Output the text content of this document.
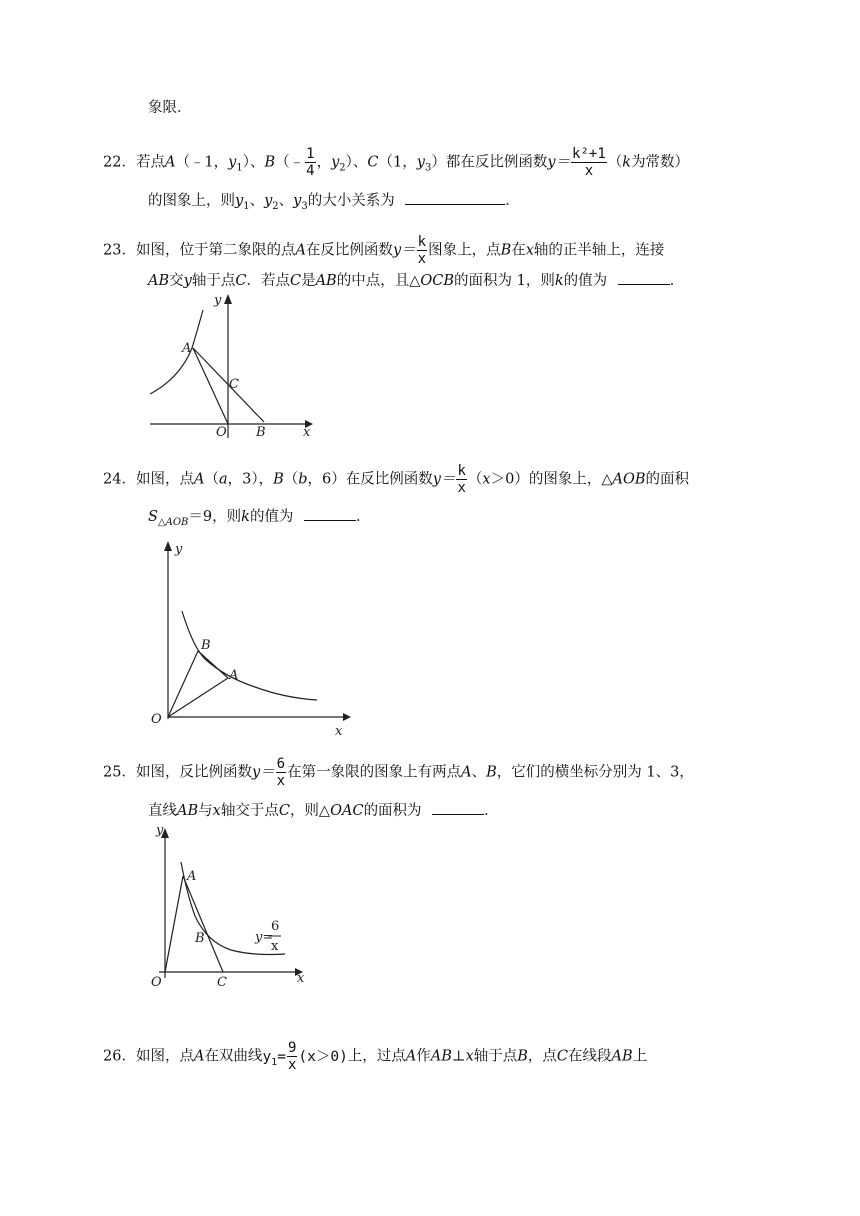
象限．
22．若点A（﹣1，$y_1$）、B（﹣ $\frac{1}{4}$ ，$y_2$）、C（1，$y_3$）都在反比例函数$y= \frac{\text{k²+1}}{x} (k$为常数）
的图象上，则$y_1$、$y_2$、$y_3$的大小关系为	．
23．如图，位于第二象限的点A在反比例函数$y= \frac{k}{x}$ 图象上，点B在x轴的正半轴上，连接
AB交y轴于点C．若点C是AB的中点，且△OCB的面积为 1，则k的值为	．
y
x
A
C
O B
24．如图，点A（a，3），B（b，6）在反比例函数$y= \frac{k}{x} (x>0)$的图象上，△AOB的面积
$S_{\triangle AOB}=9$，则k的值为	．
y
x
O
B
A
25．如图，反比例函数$y= \frac{6}{x}$ 在第一象限的图象上有两点A、B，它们的横坐标分别为 1、3，
直线AB与x轴交于点C，则△OAC的面积为	．
y
x
O
A
B
C
y=
6
x
26．如图，点A在双曲线$y_1= \frac{9}{x} (x>0)$上，过点A作AB⊥x轴于点B，点C在线段AB上
